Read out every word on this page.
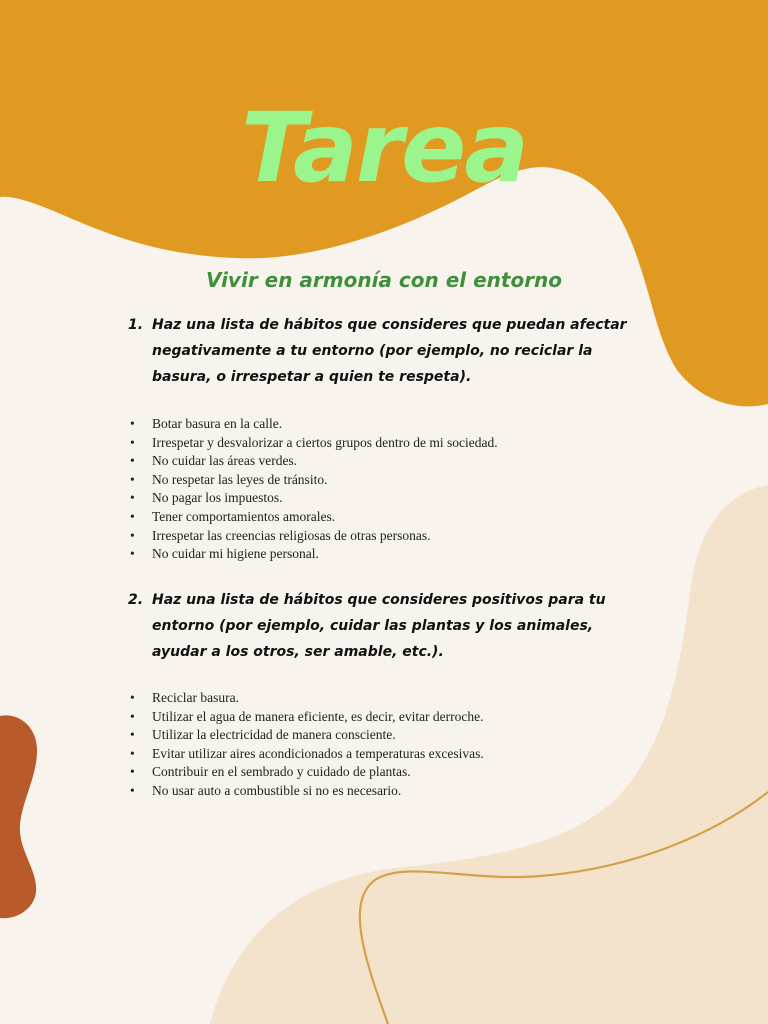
Tarea
Vivir en armonía con el entorno

1. Haz una lista de hábitos que consideres que puedan afectar negativamente a tu entorno (por ejemplo, no reciclar la basura, o irrespetar a quien te respeta).

• Botar basura en la calle.
• Irrespetar y desvalorizar a ciertos grupos dentro de mi sociedad.
• No cuidar las áreas verdes.
• No respetar las leyes de tránsito.
• No pagar los impuestos.
• Tener comportamientos amorales.
• Irrespetar las creencias religiosas de otras personas.
• No cuidar mi higiene personal.

2. Haz una lista de hábitos que consideres positivos para tu entorno (por ejemplo, cuidar las plantas y los animales, ayudar a los otros, ser amable, etc.).

• Reciclar basura.
• Utilizar el agua de manera eficiente, es decir, evitar derroche.
• Utilizar la electricidad de manera consciente.
• Evitar utilizar aires acondicionados a temperaturas excesivas.
• Contribuir en el sembrado y cuidado de plantas.
• No usar auto a combustible si no es necesario.
